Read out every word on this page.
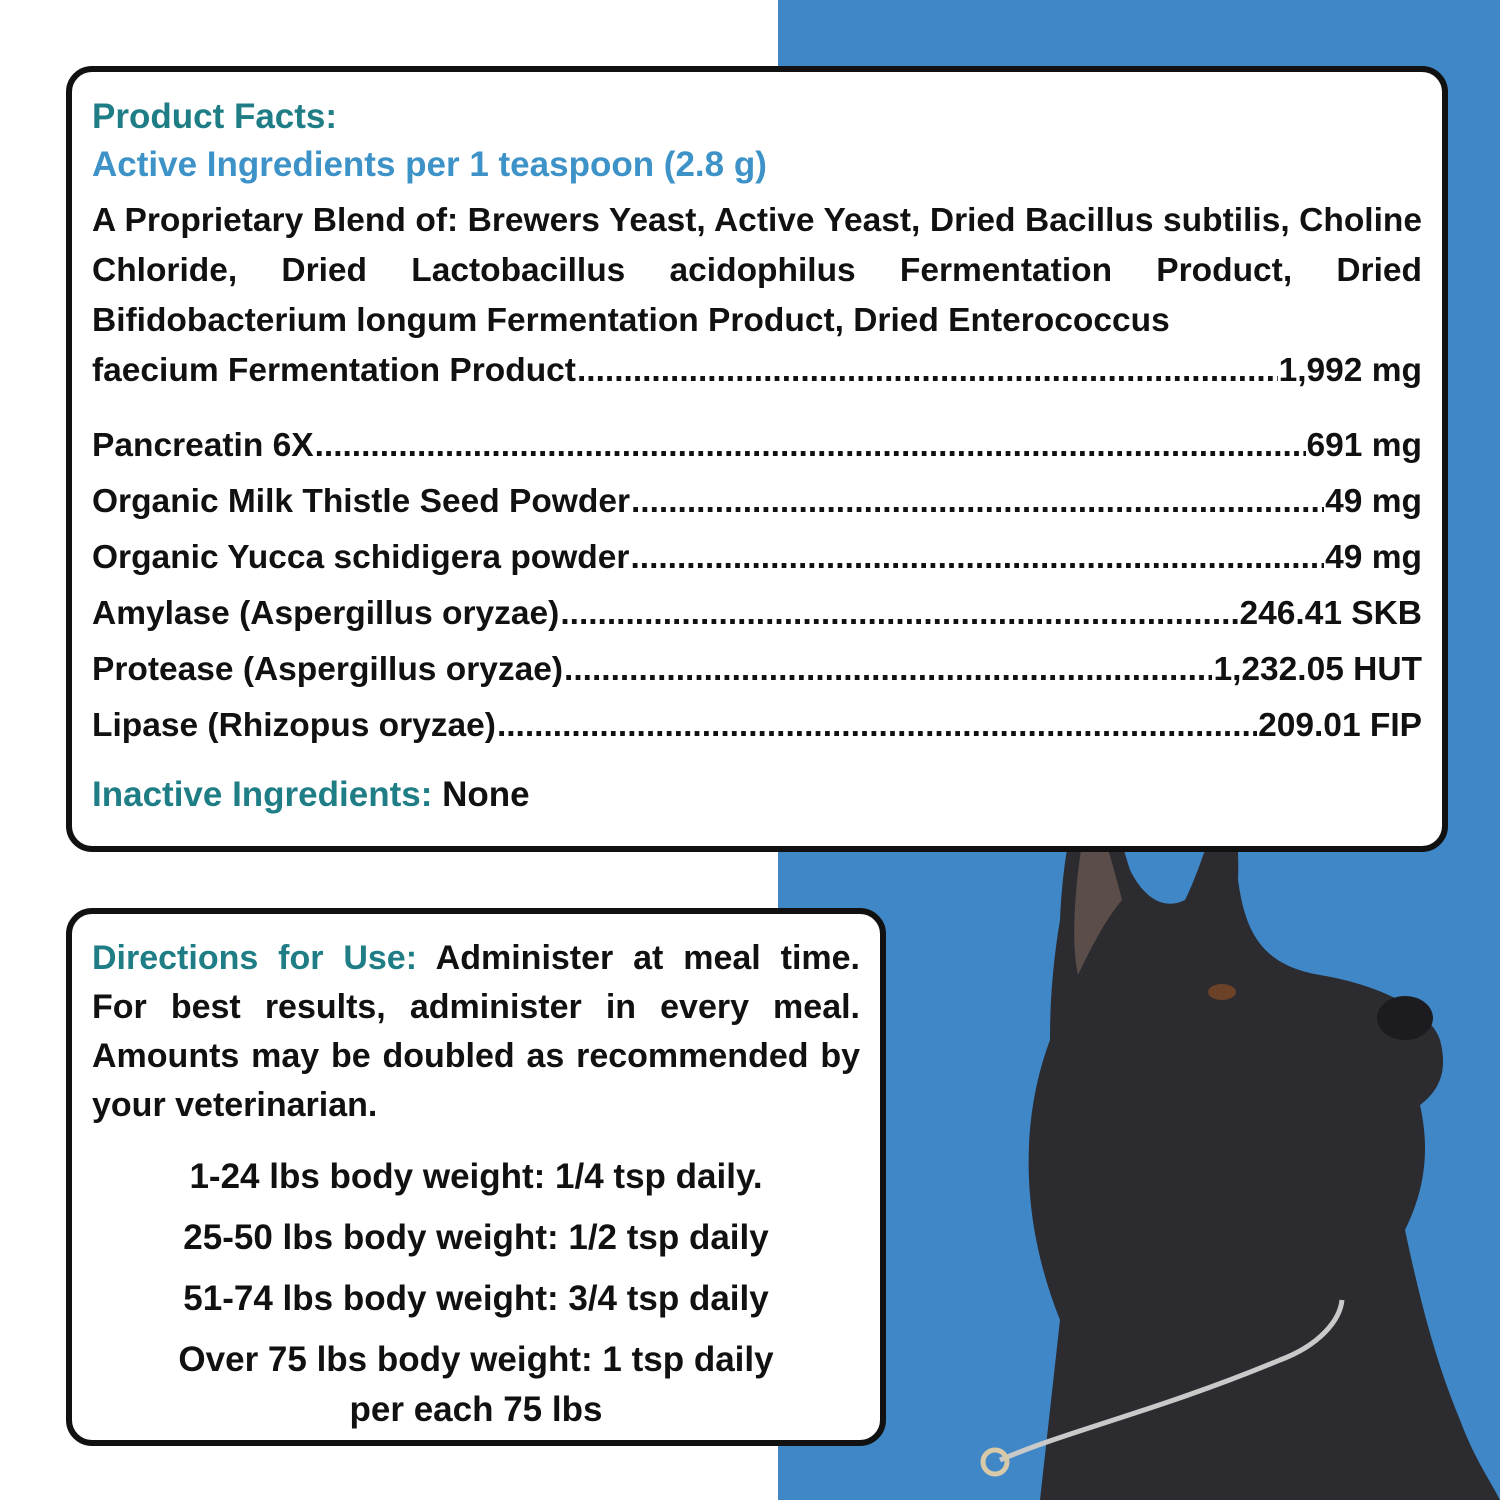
Product Facts:
Active Ingredients per 1 teaspoon (2.8 g)
A Proprietary Blend of: Brewers Yeast, Active Yeast, Dried Bacillus subtilis, Choline Chloride, Dried Lactobacillus acidophilus Fermentation Product, Dried Bifidobacterium longum Fermentation Product, Dried Enterococcus
faecium Fermentation Product .....	1,992 mg
Pancreatin 6X .....	691 mg
Organic Milk Thistle Seed Powder .....	49 mg
Organic Yucca schidigera powder .....	49 mg
Amylase (Aspergillus oryzae) .....	246.41 SKB
Protease (Aspergillus oryzae) .....	1,232.05 HUT
Lipase (Rhizopus oryzae) .....	209.01 FIP
Inactive Ingredients: None
Directions for Use: Administer at meal time. For best results, administer in every meal. Amounts may be doubled as recommended by your veterinarian.
1-24 lbs body weight: 1/4 tsp daily.
25-50 lbs body weight: 1/2 tsp daily
51-74 lbs body weight: 3/4 tsp daily
Over 75 lbs body weight: 1 tsp daily
per each 75 lbs
